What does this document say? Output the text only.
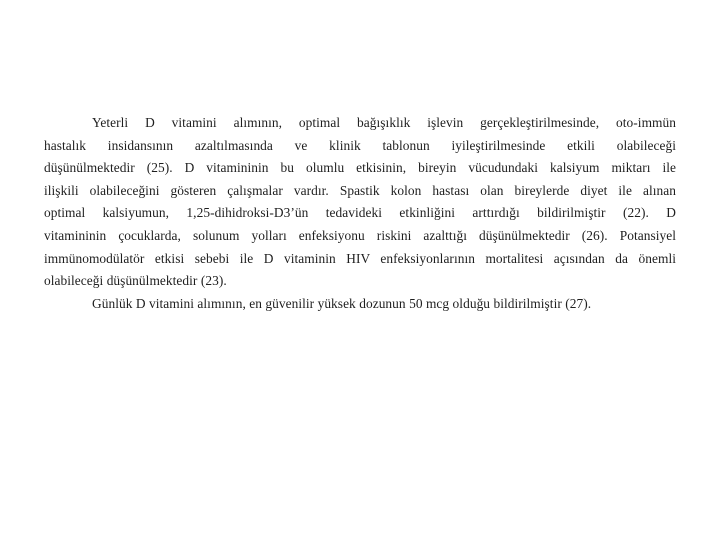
Yeterli D vitamini alımının, optimal bağışıklık işlevin gerçekleştirilmesinde, oto-immün
hastalık insidansının azaltılmasında ve klinik tablonun iyileştirilmesinde etkili olabileceği
düşünülmektedir (25). D vitamininin bu olumlu etkisinin, bireyin vücudundaki kalsiyum miktarı ile
ilişkili olabileceğini gösteren çalışmalar vardır. Spastik kolon hastası olan bireylerde diyet ile alınan
optimal kalsiyumun, 1,25-dihidroksi-D3’ün tedavideki etkinliğini arttırdığı bildirilmiştir (22). D
vitamininin çocuklarda, solunum yolları enfeksiyonu riskini azalttığı düşünülmektedir (26). Potansiyel
immünomodülatör etkisi sebebi ile D vitaminin HIV enfeksiyonlarının mortalitesi açısından da önemli
olabileceği düşünülmektedir (23).
Günlük D vitamini alımının, en güvenilir yüksek dozunun 50 mcg olduğu bildirilmiştir (27).
